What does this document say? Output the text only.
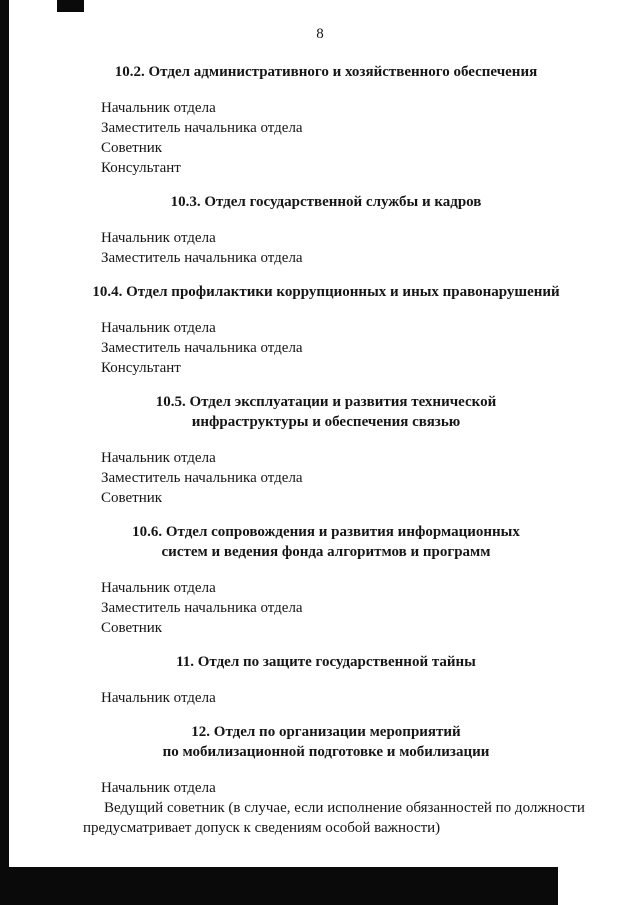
8
10.2. Отдел административного и хозяйственного обеспечения
Начальник отдела
Заместитель начальника отдела
Советник
Консультант
10.3. Отдел государственной службы и кадров
Начальник отдела
Заместитель начальника отдела
10.4. Отдел профилактики коррупционных и иных правонарушений
Начальник отдела
Заместитель начальника отдела
Консультант
10.5. Отдел эксплуатации и развития технической
инфраструктуры и обеспечения связью
Начальник отдела
Заместитель начальника отдела
Советник
10.6. Отдел сопровождения и развития информационных
систем и ведения фонда алгоритмов и программ
Начальник отдела
Заместитель начальника отдела
Советник
11. Отдел по защите государственной тайны
Начальник отдела
12. Отдел по организации мероприятий
по мобилизационной подготовке и мобилизации
Начальник отдела

Ведущий советник (в случае, если исполнение обязанностей по должности предусматривает допуск к сведениям особой важности)
